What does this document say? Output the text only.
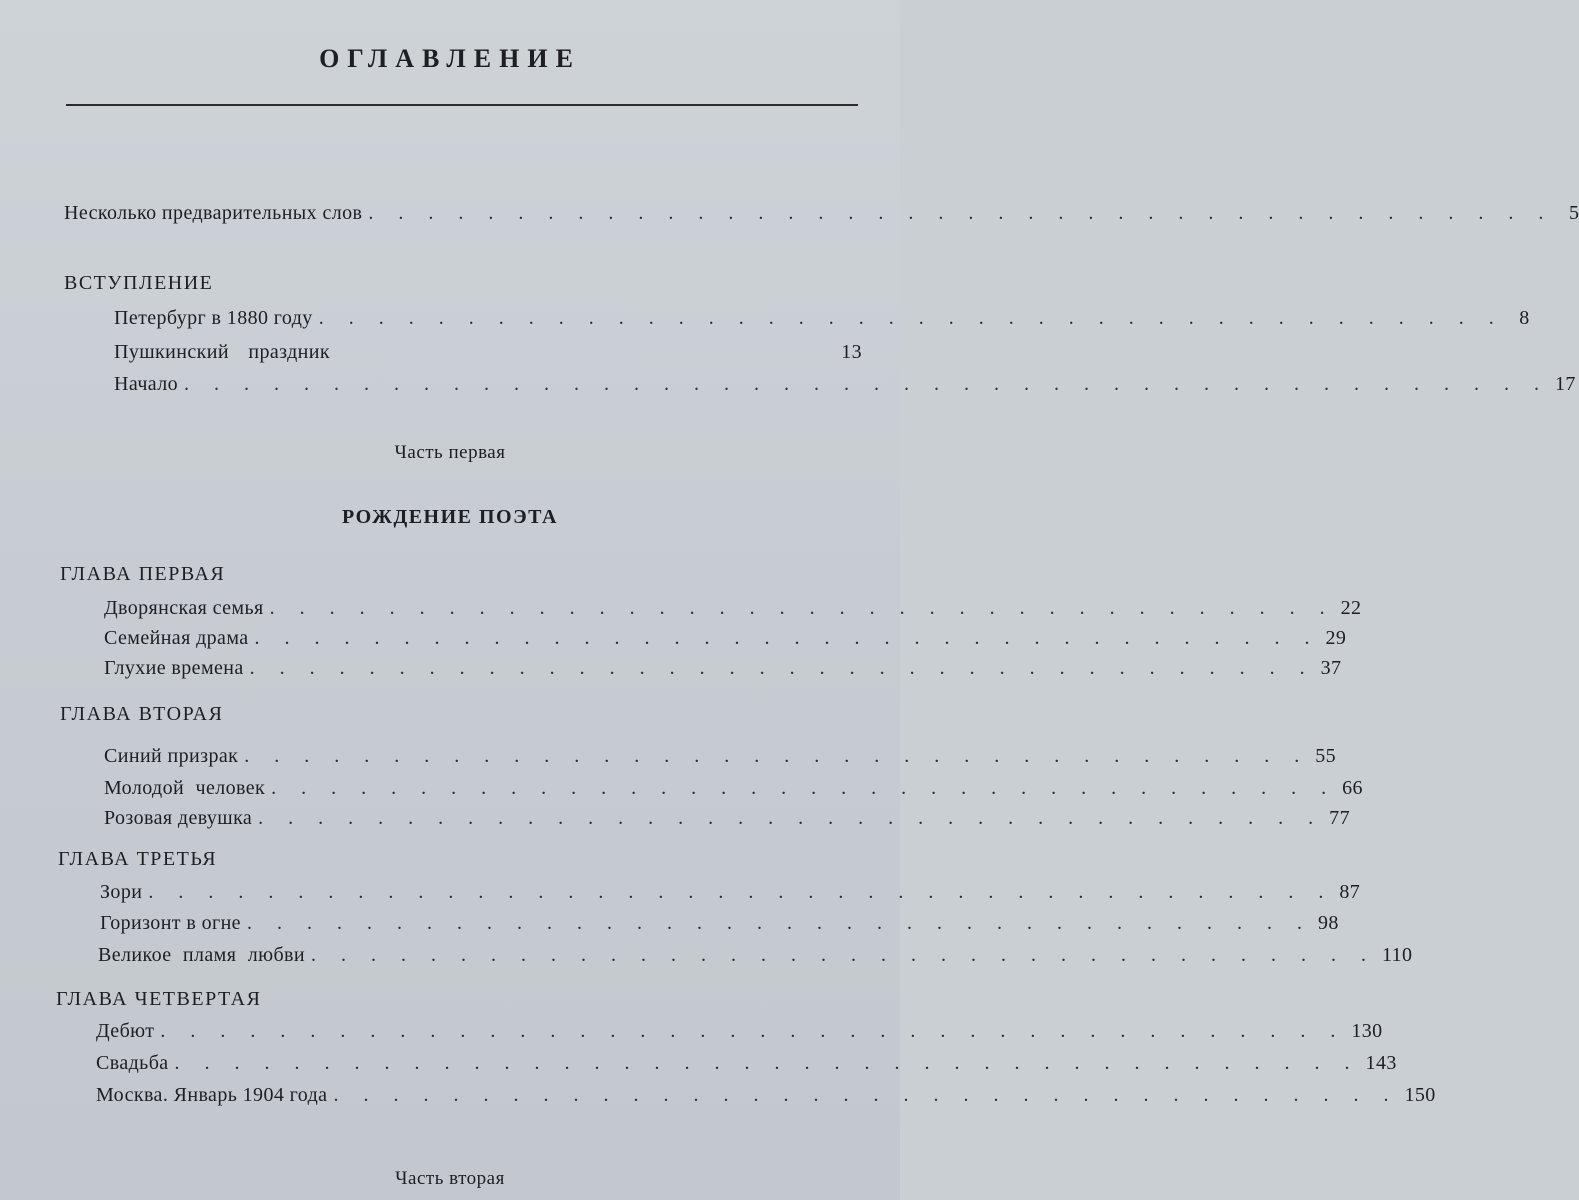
ОГЛАВЛЕНИЕ
Несколько предварительных слов . . . . . . . . . . . . . . . . . . . . . . . . . . . . . . . . . . . . . . . . 5
ВСТУПЛЕНИЕ
Петербург в 1880 году . . . . . . . . . . . . . . . . . . . . . . . . . . . . . . . . . . . . . . . . 8
Пушкинский праздник	13
Начало . . . . . . . . . . . . . . . . . . . . . . . . . . . . . . . . . . . . . . . . . . . . . . 17
Часть первая
РОЖДЕНИЕ ПОЭТА
ГЛАВА ПЕРВАЯ
Дворянская семья . . . . . . . . . . . . . . . . . . . . . . . . . . . . . . . . . . . . 22
Семейная драма . . . . . . . . . . . . . . . . . . . . . . . . . . . . . . . . . . . . 29
Глухие времена . . . . . . . . . . . . . . . . . . . . . . . . . . . . . . . . . . . . 37
ГЛАВА ВТОРАЯ
Синий призрак . . . . . . . . . . . . . . . . . . . . . . . . . . . . . . . . . . . . 55
Молодой человек . . . . . . . . . . . . . . . . . . . . . . . . . . . . . . . . . . . . 66
Розовая девушка . . . . . . . . . . . . . . . . . . . . . . . . . . . . . . . . . . . . 77
ГЛАВА ТРЕТЬЯ
Зори . . . . . . . . . . . . . . . . . . . . . . . . . . . . . . . . . . . . . . . . 87
Горизонт в огне . . . . . . . . . . . . . . . . . . . . . . . . . . . . . . . . . . . . 98
Великое пламя любви . . . . . . . . . . . . . . . . . . . . . . . . . . . . . . . . . . . . 110
ГЛАВА ЧЕТВЕРТАЯ
Дебют . . . . . . . . . . . . . . . . . . . . . . . . . . . . . . . . . . . . . . . . 130
Свадьба . . . . . . . . . . . . . . . . . . . . . . . . . . . . . . . . . . . . . . . . 143
Москва. Январь 1904 года . . . . . . . . . . . . . . . . . . . . . . . . . . . . . . . . . . . . 150
Часть вторая
